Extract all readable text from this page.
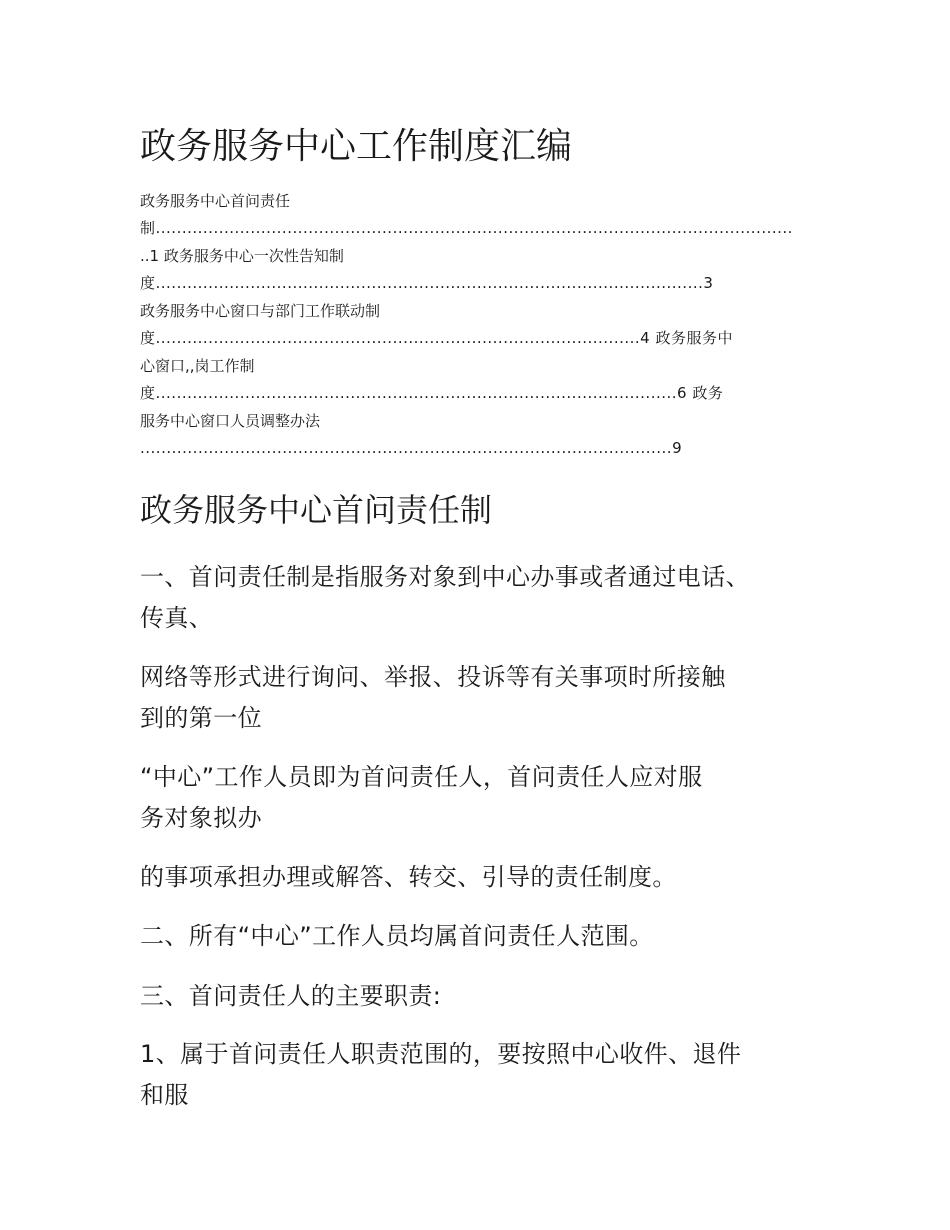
政务服务中心工作制度汇编
政务服务中心首问责任
制.........................................................................................................................
..1 政务服务中心一次性告知制
度........................................................................................................3
政务服务中心窗口与部门工作联动制
度............................................................................................4 政务服务中
心窗口,,岗工作制
度...................................................................................................6 政务
服务中心窗口人员调整办法
.....................................................................................................9
政务服务中心首问责任制
一、首问责任制是指服务对象到中心办事或者通过电话、
传真、
网络等形式进行询问、举报、投诉等有关事项时所接触
到的第一位
“中心”工作人员即为首问责任人，首问责任人应对服
务对象拟办
的事项承担办理或解答、转交、引导的责任制度。
二、所有“中心”工作人员均属首问责任人范围。
三、首问责任人的主要职责:
1、属于首问责任人职责范围的，要按照中心收件、退件
和服
